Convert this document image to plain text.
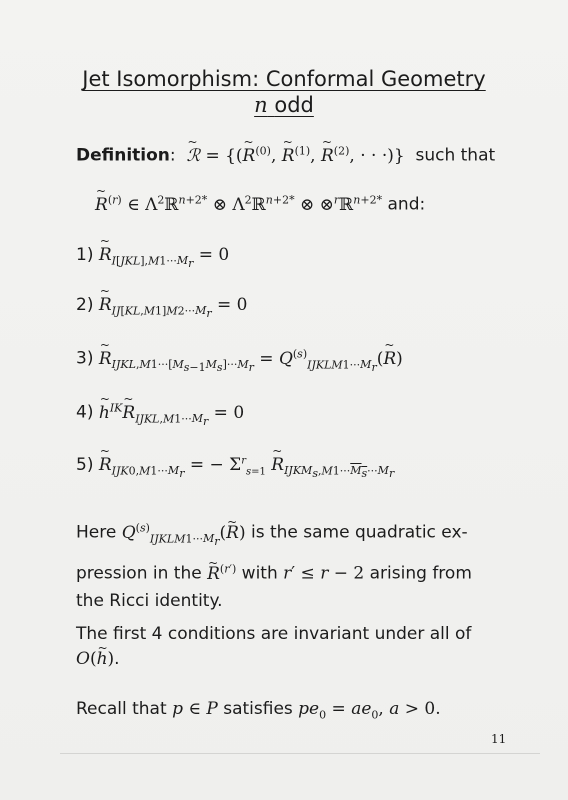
Jet Isomorphism: Conformal Geometry
n odd
Definition:  ~ ℛ = {(~ $R^{(0)}$, ~ $R^{(1)}$, ~ $R^{(2)}$, · · ·)}  such that
~ $R^{(r)}$ ∈ $\Lambda^2ℝ^{n+2*}$ ⊗ $\Lambda^2ℝ^{n+2*}$ ⊗ ⊗$^r$ℝ$^{n+2*}$ and:
1) ~ $R_{I[JKL],M1\cdot\cdot\cdot M_r} = 0$
2) ~ $R_{IJ[KL,M1]M2\cdot\cdot\cdot M_r} = 0$
3) ~ $R_{IJKL,M1\cdot\cdot\cdot[M_{s-1}M_s]\cdot\cdot\cdot M_r}$ = $Q^{(s)}_{IJKLM1\cdot\cdot\cdot M_r}(\sim$ R)
4) ~ $h^{IK}\sim$ $R_{IJKL,M1\cdot\cdot\cdot M_r} = 0$
5) ~ $R_{IJK0,M1\cdot\cdot\cdot M_r}$ = − $\Sigma^r_{s=1}$ ~ $R_{IJKM_s,M1\cdot\cdot\cdot M_s\cdot\cdot\cdot M_r}$
Here $Q^{(s)}_{IJKLM1\cdot\cdot\cdot M_r}(\sim$ R) is the same quadratic ex-
pression in the ~ $R^{(r')}$ with r′ ≤ r − 2 arising from
the Ricci identity.
The first 4 conditions are invariant under all of
O(~ h).
Recall that p ∈ P satisfies $pe_0 = ae_0$, a > 0.
11
